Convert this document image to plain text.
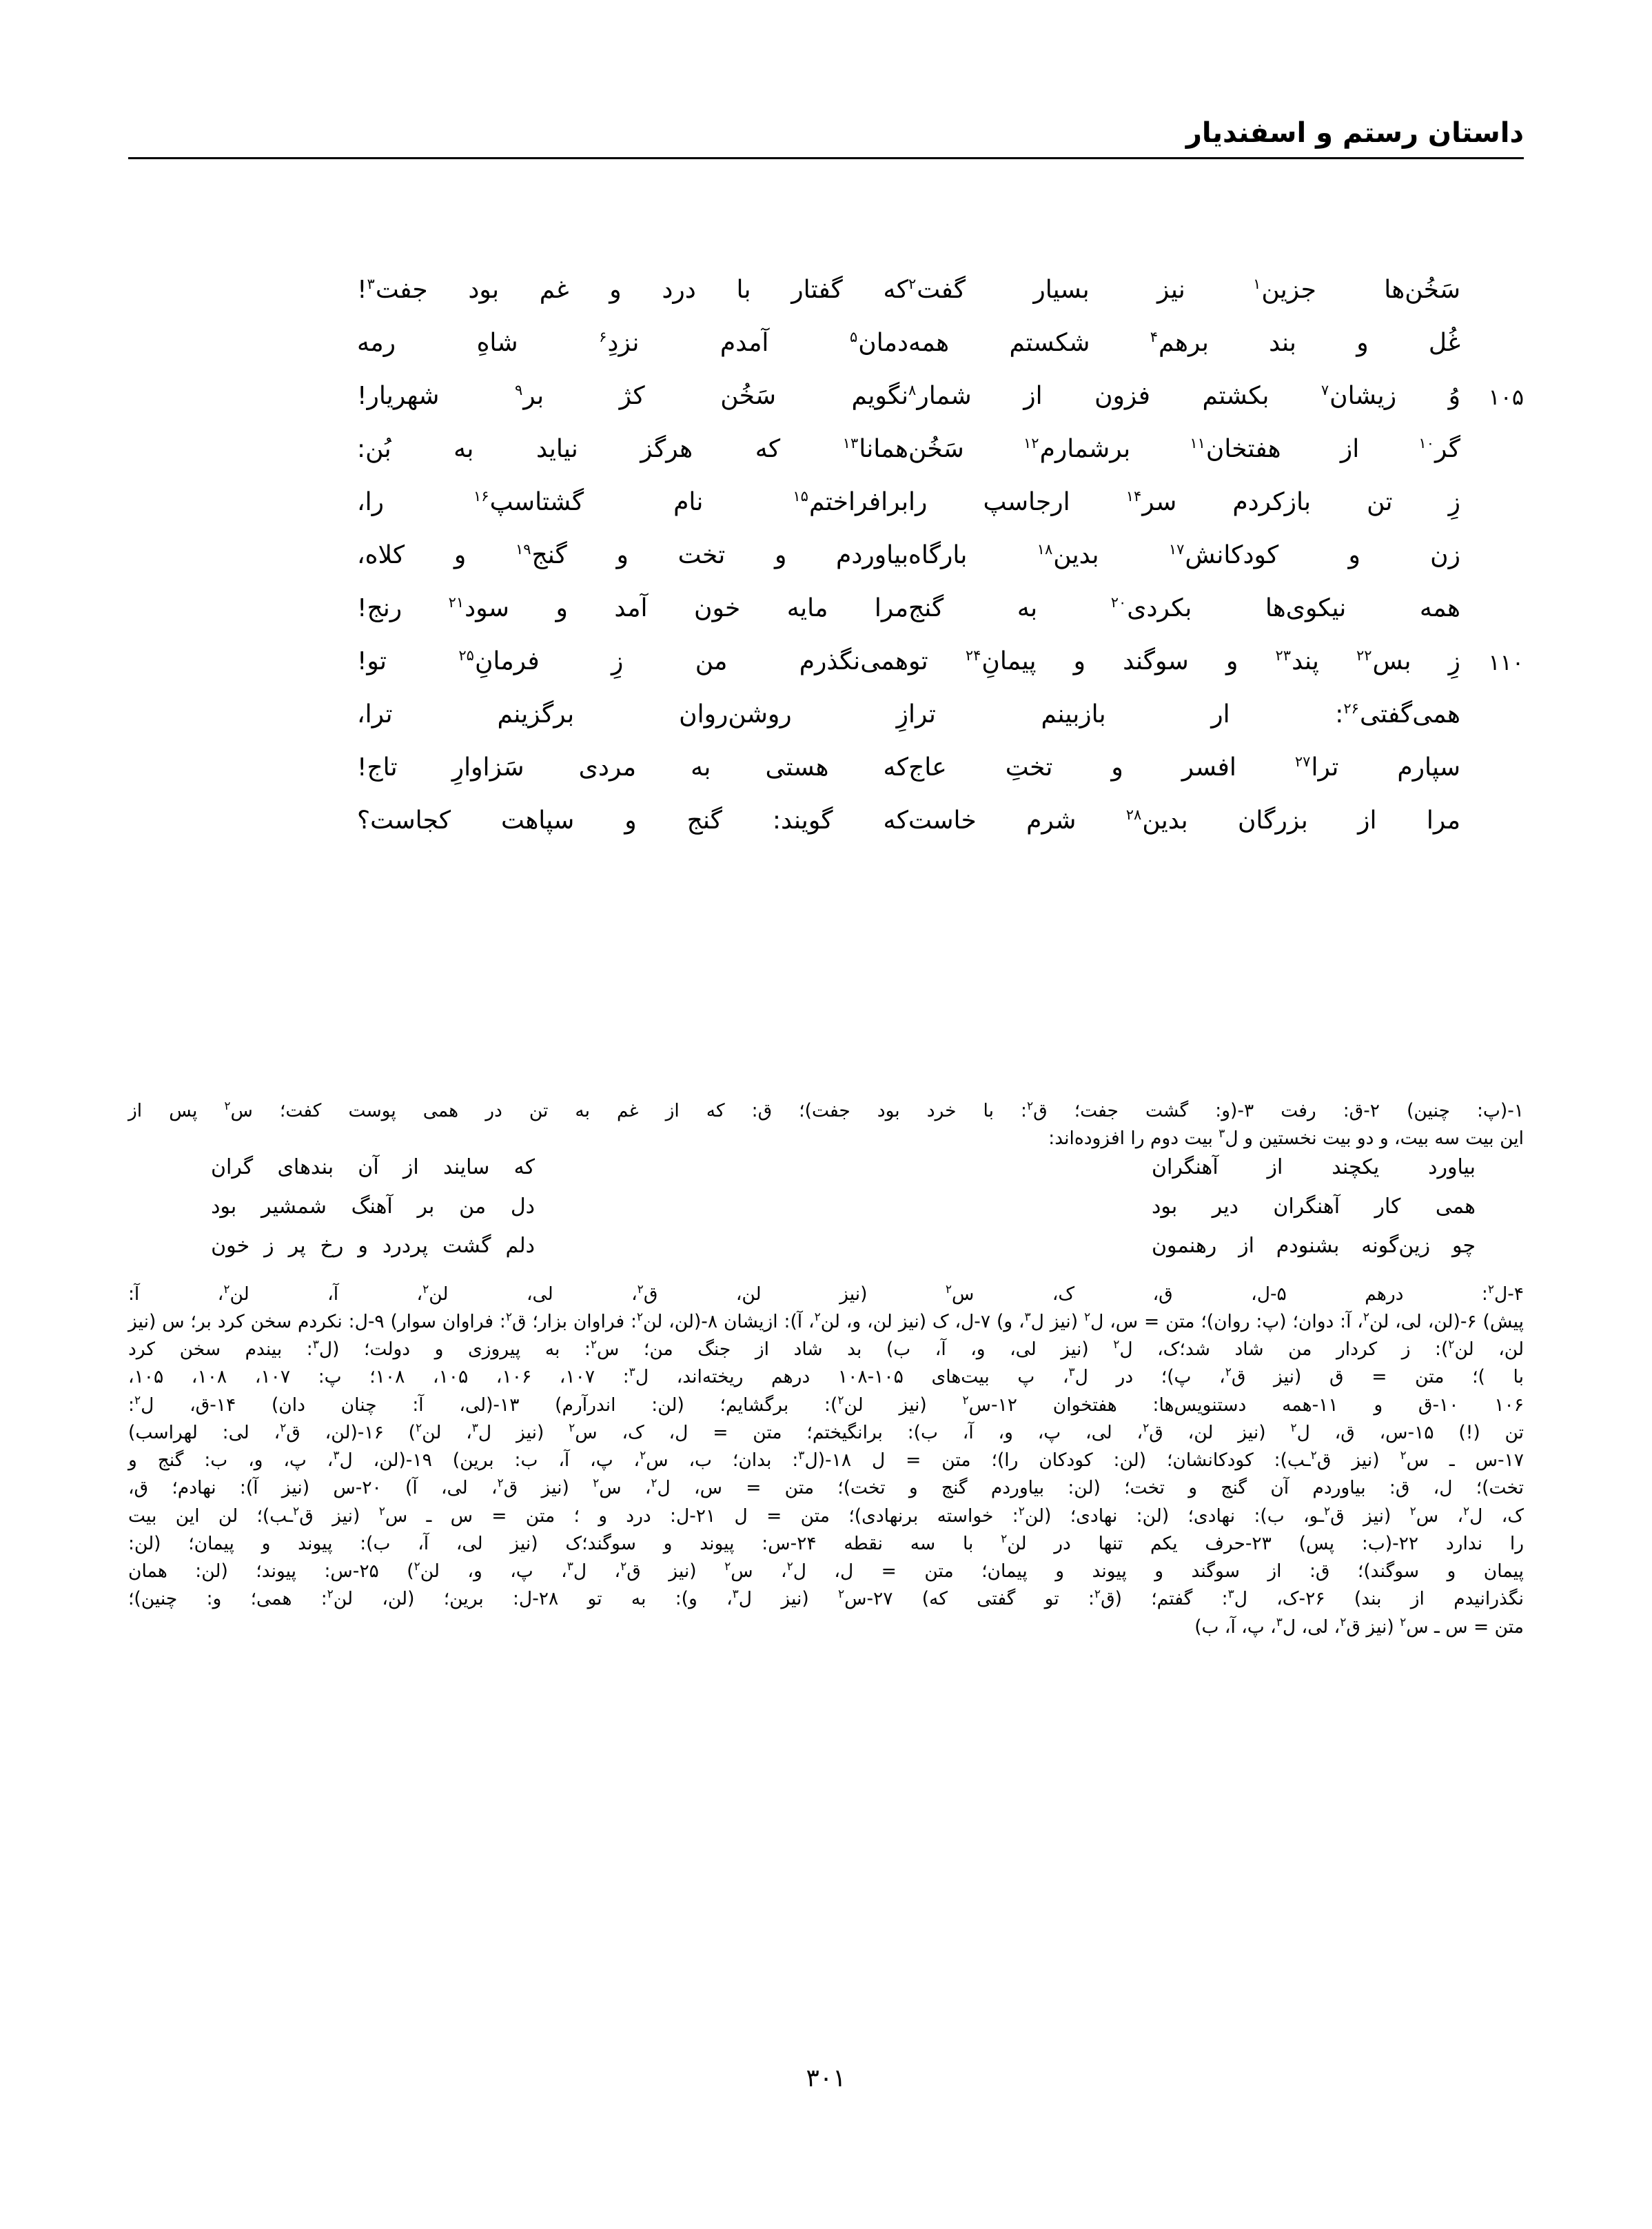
داستان رستم و اسفندیار
سَخُن‌ها
جزین$^۱$
نیز
بسیار
گفت$^۲$
که
گفتار
با
درد
و
غم
بود
جفت$^۳$!
غُل
و
بند
برهم$^۴$
شکستم
همه
دمان$^۵$
آمدم
نزدِ$^۶$
شاهِ
رمه
۱۰۵
وُ
زیشان$^۷$
بکشتم
فزون
از
شمار$^۸$
نگویم
سَخُن
کژ
بر$^۹$
شهریار!
گر$^{۱۰}$
از
هفتخان$^{۱۱}$
برشمارم$^{۱۲}$
سَخُن
همانا$^{۱۳}$
که
هرگز
نیاید
به
بُن:
زِ
تن
بازکردم
سر$^{۱۴}$
ارجاسپ
را
برافراختم$^{۱۵}$
نام
گشتاسپ$^{۱۶}$
را،
زن
و
کودکانش$^{۱۷}$
بدین$^{۱۸}$
بارگاه
بیاوردم
و
تخت
و
گنج$^{۱۹}$
و
کلاه،
همه
نیکوی‌ها
بکردی$^{۲۰}$
به
گنج
مرا
مایه
خون
آمد
و
سود$^{۲۱}$
رنج!
۱۱۰
زِ
بس$^{۲۲}$
پند$^{۲۳}$
و
سوگند
و
پیمانِ$^{۲۴}$
تو
همی‌نگذرم
من
زِ
فرمانِ$^{۲۵}$
تو!
همی‌گفتی$^{۲۶}$:
ار
بازبینم
ترا
زِ
روشن‌روان
برگزینم
ترا،
سپارم
ترا$^{۲۷}$
افسر
و
تختِ
عاج
که
هستی
به
مردی
سَزاوارِ
تاج!
مرا
از
بزرگان
بدین$^{۲۸}$
شرم
خاست
که
گویند:
گنج
و
سپاهت
کجاست؟
۱-(پ: چنین) ۲-ق: رفت ۳-(و: گشت جفت؛ ق$^۲$: با خرد بود جفت)؛ ق: که از غم به تن در همی پوست کفت؛ س$^۲$ پس از
این بیت سه بیت، و دو بیت نخستین و ل$^۳$ بیت دوم را افزوده‌اند:
بیاورد
یکچند
از
آهنگران
که
سایند
از
آن
بندهای
گران
همی
کار
آهنگران
دیر
بود
دل
من
بر
آهنگ
شمشیر
بود
چو
زین‌گونه
بشنودم
از
رهنمون
دلم
گشت
پردرد
و
رخ
پر
ز
خون
۴-ل$^۲$: درهم ۵-ل، ق، ک، س$^۲$ (نیز لن، ق$^۲$، لی، لن$^۲$، آ، لن$^۲$، آ:
پیش) ۶-(لن، لی، لن$^۲$، آ: دوان؛ (پ: روان)؛ متن = س، ل$^۲$ (نیز ل$^۳$، و) ۷-ل، ک (نیز لن، و، لن$^۲$، آ): ازیشان ۸-(لن، لن$^۲$: فراوان بزار؛ ق$^۲$: فراوان سوار) ۹-ل: نکردم سخن کرد بر؛ س (نیز
لن، لن$^۲$): ز کردار من شاد شد؛ک، ل$^۲$ (نیز لی، و، آ، ب) بد شاد از جنگ من؛ س$^۲$: به پیروزی و دولت؛ (ل$^۳$: بیندم سخن کرد
با )؛ متن = ق (نیز ق$^۲$، پ)؛ در ل$^۳$، پ بیت‌های ۱۰۵-۱۰۸ درهم ریخته‌اند، ل$^۳$: ۱۰۷، ۱۰۶، ۱۰۵، ۱۰۸؛ پ: ۱۰۷، ۱۰۸، ۱۰۵،
۱۰۶ ۱۰-ق و ۱۱-همه دستنویس‌ها: هفتخوان ۱۲-س$^۲$ (نیز لن$^۲$): برگشایم؛ (لن: اندرآرم) ۱۳-(لی، آ: چنان دان) ۱۴-ق، ل$^۲$:
تن (!) ۱۵-س، ق، ل$^۲$ (نیز لن، ق$^۲$، لی، پ، و، آ، ب): برانگیختم؛ متن = ل، ک، س$^۲$ (نیز ل$^۳$، لن$^۲$) ۱۶-(لن، ق$^۲$، لی: لهراسب)
۱۷-س ـ س$^۲$ (نیز ق$^۲$ـب): کودکانشان؛ (لن: کودکان را)؛ متن = ل ۱۸-(ل$^۳$: بدان؛ ب، س$^۲$، پ، آ، ب: برین) ۱۹-(لن، ل$^۳$، پ، و، ب: گنج و
تخت)؛ ل، ق: بیاوردم آن گنج و تخت؛ (لن: بیاوردم گنج و تخت)؛ متن = س، ل$^۲$، س$^۲$ (نیز ق$^۲$، لی، آ) ۲۰-س (نیز آ): نهادم؛ ق،
ک، ل$^۲$، س$^۲$ (نیز ق$^۲$ـو، ب): نهادی؛ (لن: نهادی؛ (لن$^۲$: خواسته برنهادی)؛ متن = ل ۲۱-ل: درد و ؛ متن = س ـ س$^۲$ (نیز ق$^۲$ـب)؛ لن این بیت
را ندارد ۲۲-(ب: پس) ۲۳-حرف یکم تنها در لن$^۲$ با سه نقطه ۲۴-س: پیوند و سوگند؛ک (نیز لی، آ، ب): پیوند و پیمان؛ (لن:
پیمان و سوگند)؛ ق: از سوگند و پیوند و پیمان؛ متن = ل، ل$^۲$، س$^۲$ (نیز ق$^۲$، ل$^۳$، پ، و، لن$^۲$) ۲۵-س: پیوند؛ (لن: همان
نگذرانیدم از بند) ۲۶-ک، ل$^۳$: گفتم؛ (ق$^۲$: تو گفتی که) ۲۷-س$^۲$ (نیز ل$^۳$، و): به تو ۲۸-ل: برین؛ (لن، لن$^۲$: همی؛ و: چنین)؛
متن = س ـ س$^۲$ (نیز ق$^۲$، لی، ل$^۳$، پ، آ، ب)
۳۰۱
